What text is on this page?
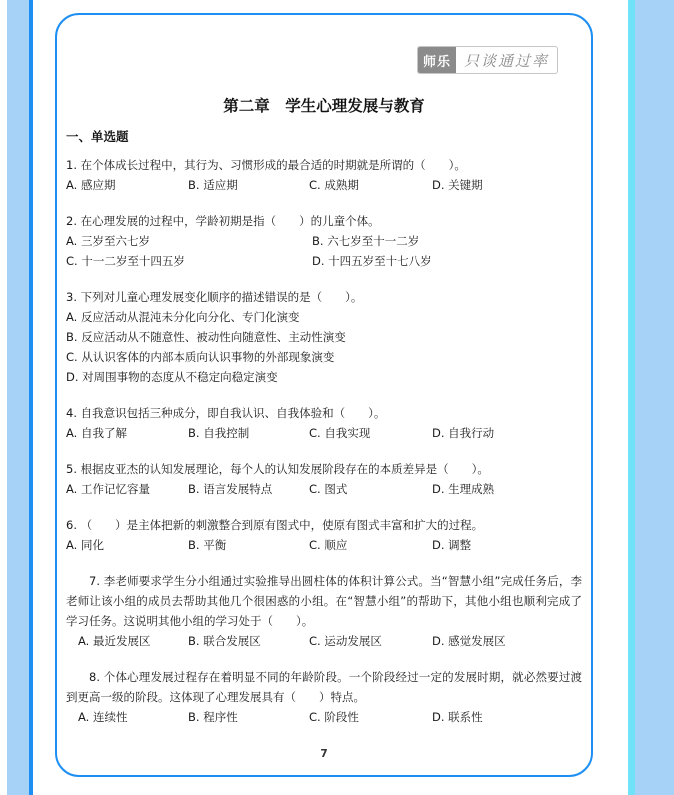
师乐 只谈通过率
第二章　学生心理发展与教育
一、单选题
1. 在个体成长过程中，其行为、习惯形成的最合适的时期就是所谓的（　　）。
A. 感应期	B. 适应期	C. 成熟期	D. 关键期
2. 在心理发展的过程中，学龄初期是指（　　）的儿童个体。
A. 三岁至六七岁	B. 六七岁至十一二岁
C. 十一二岁至十四五岁	D. 十四五岁至十七八岁
3. 下列对儿童心理发展变化顺序的描述错误的是（　　）。
A. 反应活动从混沌未分化向分化、专门化演变
B. 反应活动从不随意性、被动性向随意性、主动性演变
C. 从认识客体的内部本质向认识事物的外部现象演变
D. 对周围事物的态度从不稳定向稳定演变
4. 自我意识包括三种成分，即自我认识、自我体验和（　　）。
A. 自我了解	B. 自我控制	C. 自我实现	D. 自我行动
5. 根据皮亚杰的认知发展理论，每个人的认知发展阶段存在的本质差异是（　　）。
A. 工作记忆容量	B. 语言发展特点	C. 图式	D. 生理成熟
6. （　　）是主体把新的刺激整合到原有图式中，使原有图式丰富和扩大的过程。
A. 同化	B. 平衡	C. 顺应	D. 调整
7. 李老师要求学生分小组通过实验推导出圆柱体的体积计算公式。当“智慧小组”完成任务后，李老师让该小组的成员去帮助其他几个很困惑的小组。在“智慧小组”的帮助下，其他小组也顺利完成了学习任务。这说明其他小组的学习处于（　　）。
A. 最近发展区	B. 联合发展区	C. 运动发展区	D. 感觉发展区
8. 个体心理发展过程存在着明显不同的年龄阶段。一个阶段经过一定的发展时期，就必然要过渡到更高一级的阶段。这体现了心理发展具有（　　）特点。
A. 连续性	B. 程序性	C. 阶段性	D. 联系性
7
